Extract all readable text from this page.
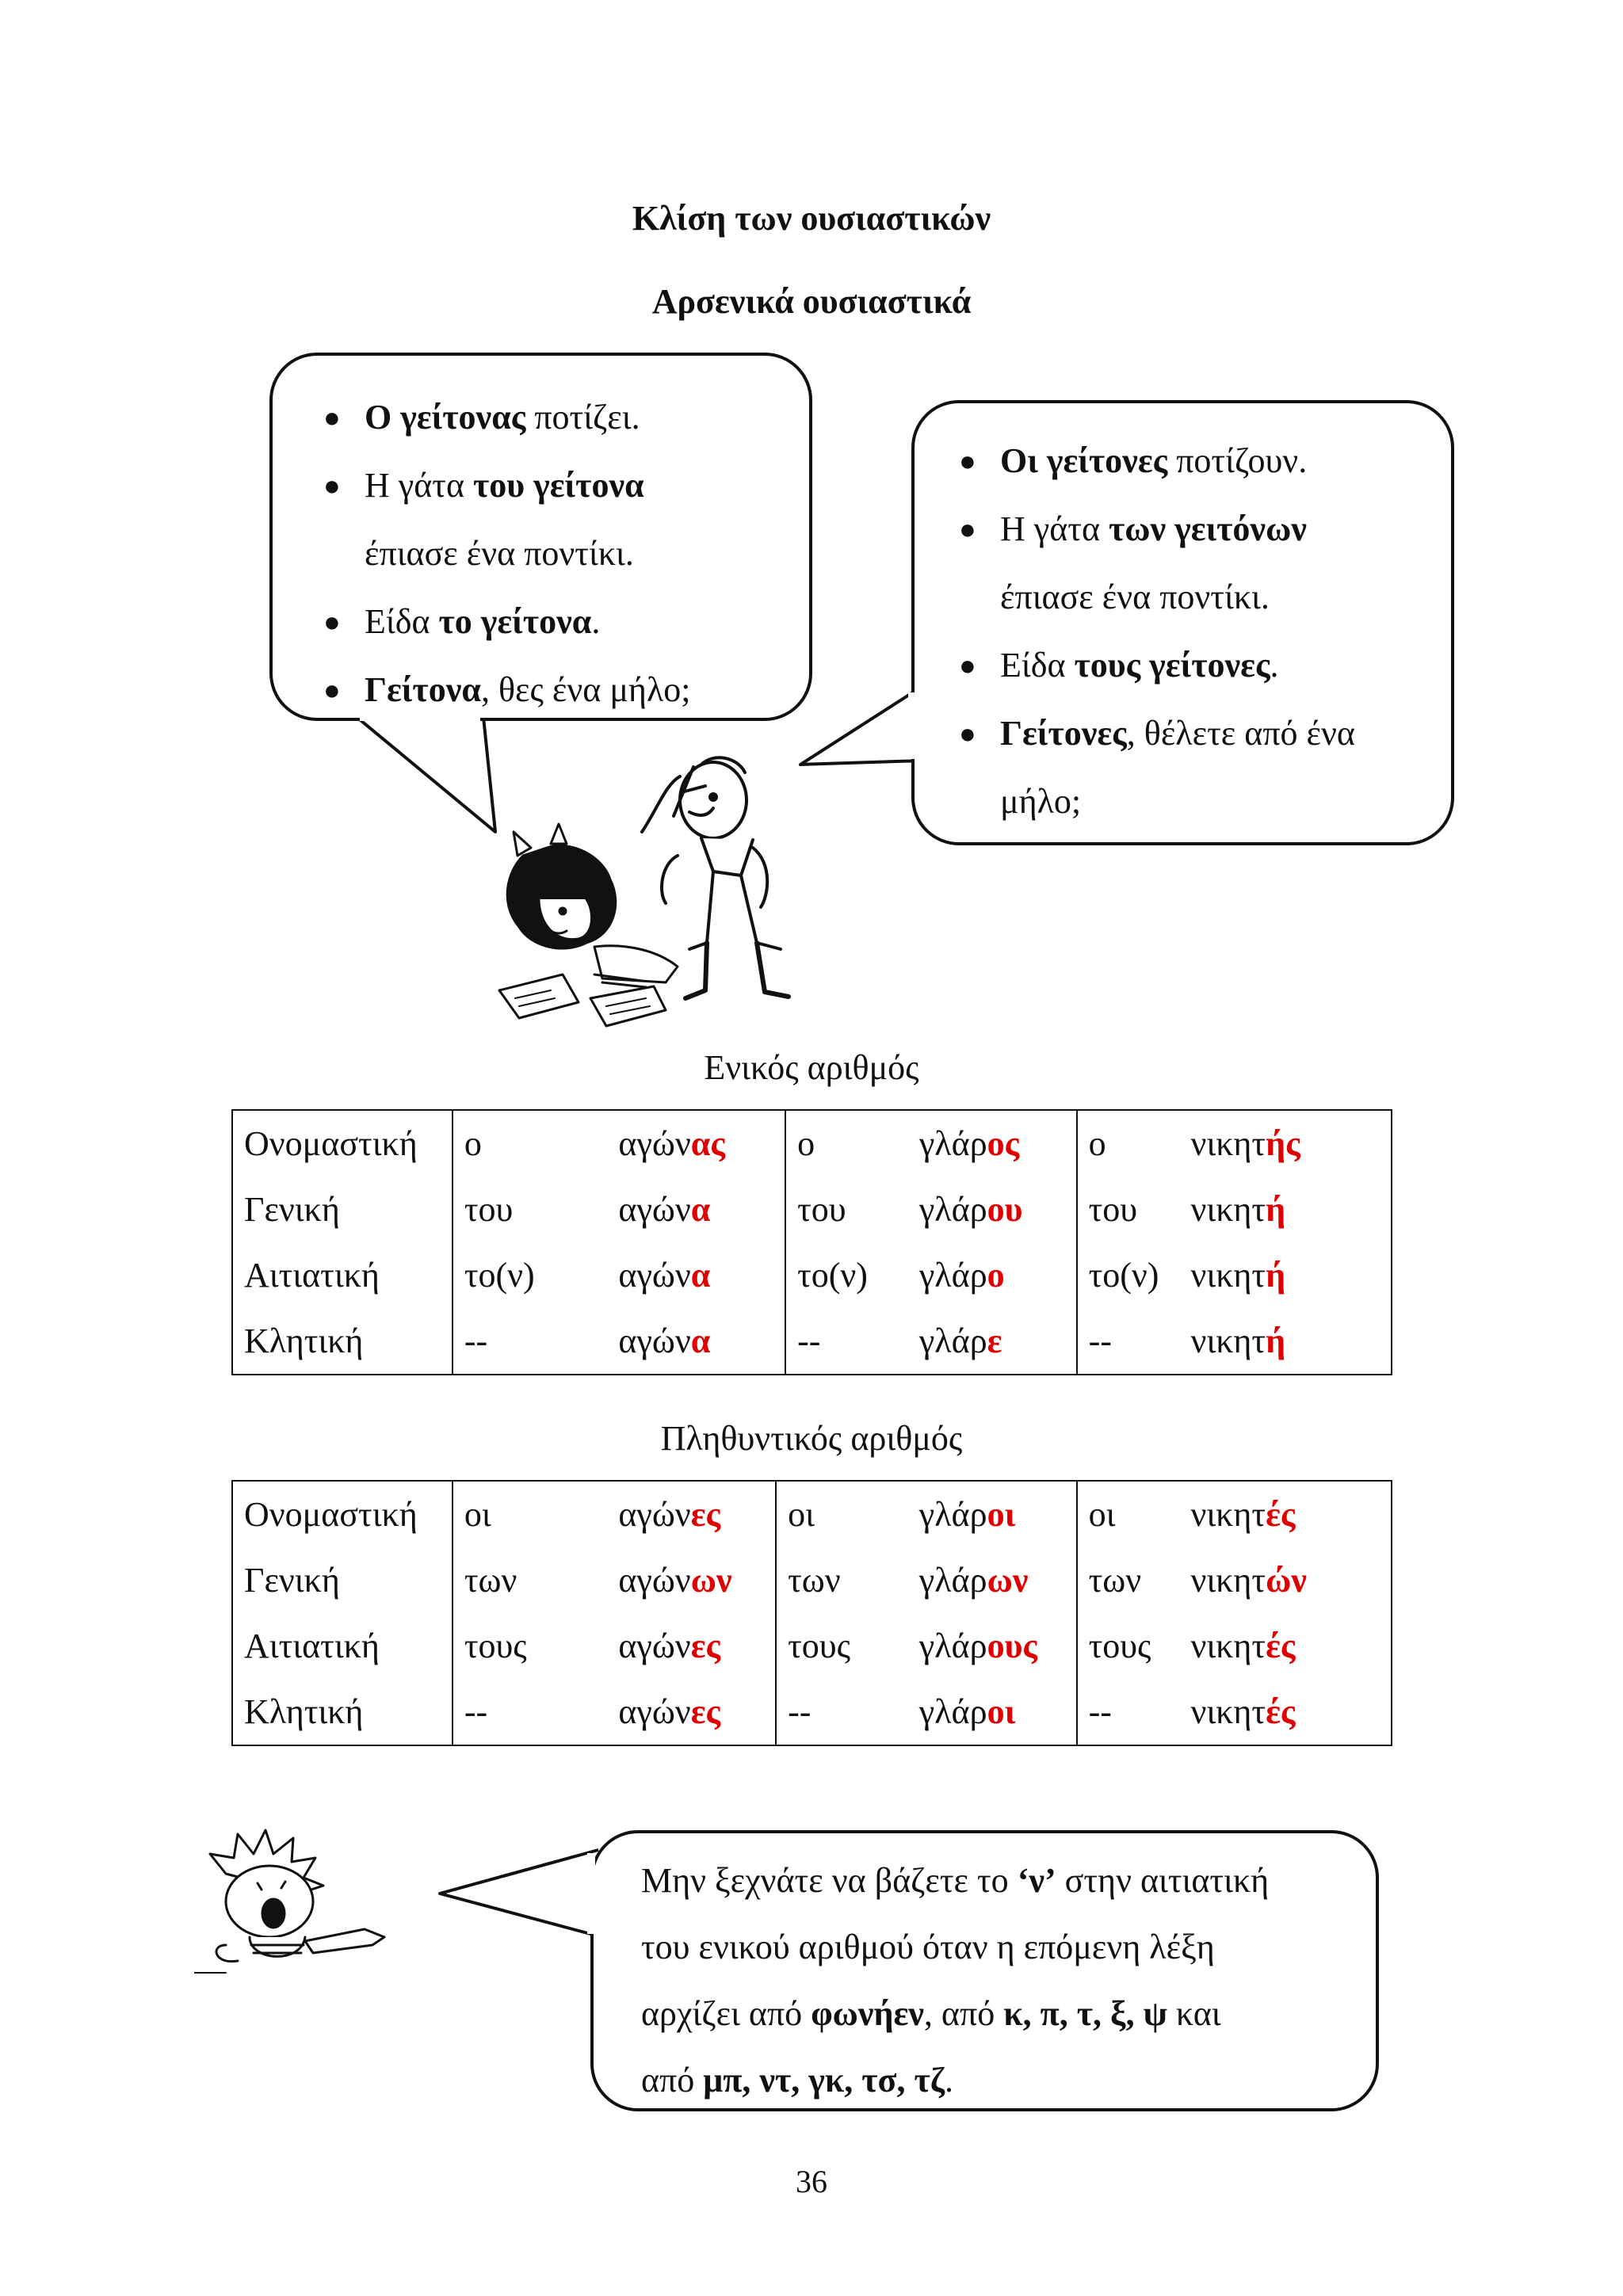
Κλίση των ουσιαστικών
Αρσενικά ουσιαστικά
● Ο γείτονας ποτίζει.
● Η γάτα του γείτονα
έπιασε ένα ποντίκι.
● Είδα το γείτονα.
● Γείτονα, θες ένα μήλο;
● Οι γείτονες ποτίζουν.
● Η γάτα των γειτόνων
έπιασε ένα ποντίκι.
● Είδα τους γείτονες.
● Γείτονες, θέλετε από ένα
μήλο;
Ενικός αριθμός
Ονομαστική	ο	αγώνας	ο	γλάρος	ο	νικητής
Γενική	του	αγώνα	του	γλάρου	του	νικητή
Αιτιατική	το(ν)	αγώνα	το(ν)	γλάρο	το(ν)	νικητή
Κλητική	--	αγώνα	--	γλάρε	--	νικητή
Πληθυντικός αριθμός
Ονομαστική	οι	αγώνες	οι	γλάροι	οι	νικητές
Γενική	των	αγώνων	των	γλάρων	των	νικητών
Αιτιατική	τους	αγώνες	τους	γλάρους	τους	νικητές
Κλητική	--	αγώνες	--	γλάροι	--	νικητές
Μην ξεχνάτε να βάζετε το ‘ν’ στην αιτιατική
του ενικού αριθμού όταν η επόμενη λέξη
αρχίζει από φωνήεν, από κ, π, τ, ξ, ψ και
από μπ, ντ, γκ, τσ, τζ.
36
